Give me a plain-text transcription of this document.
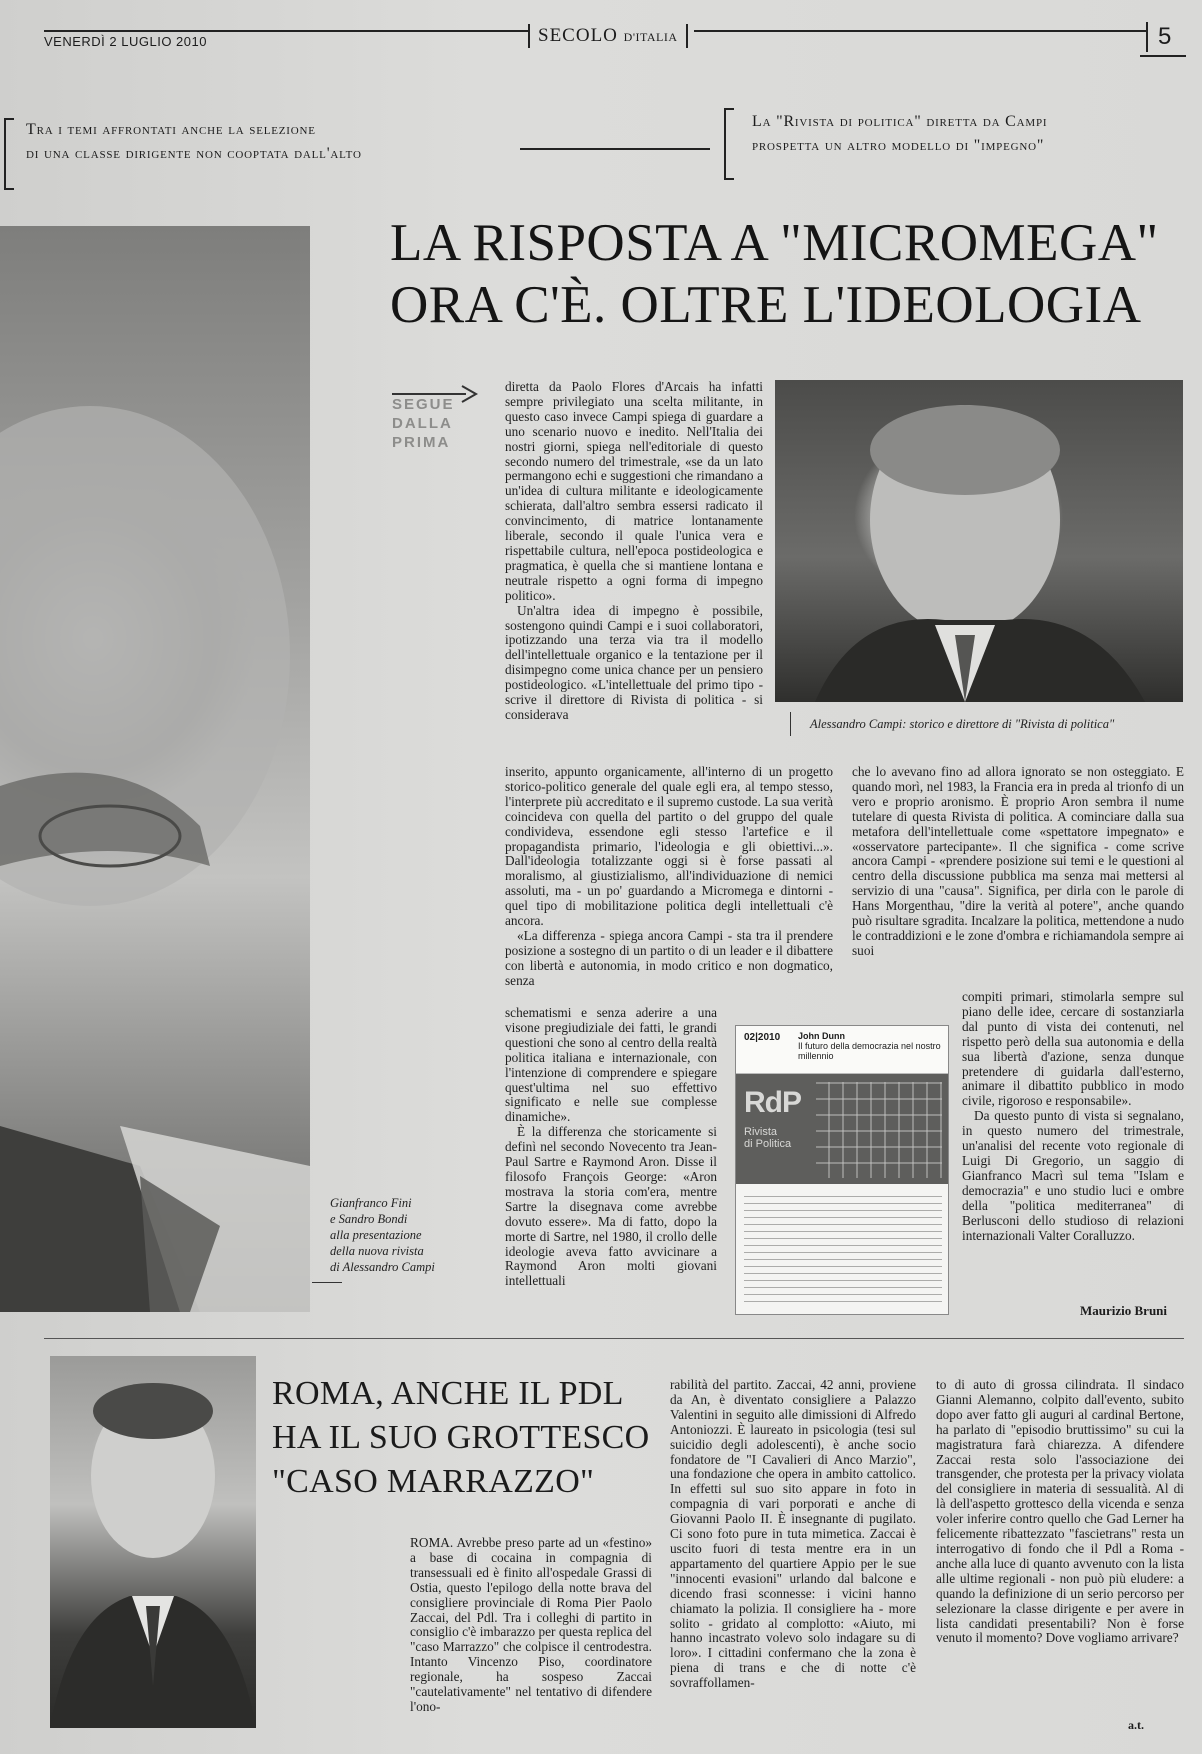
VENERDÌ 2 LUGLIO 2010	SECOLO D'ITALIA	5
Tra i temi affrontati anche la selezione
di una classe dirigente non cooptata dall'alto
La "Rivista di politica" diretta da Campi
prospetta un altro modello di "impegno"
LA RISPOSTA A "MICROMEGA"
ORA C'È. OLTRE L'IDEOLOGIA
Gianfranco Fini
e Sandro Bondi
alla presentazione
della nuova rivista
di Alessandro Campi
SEGUE
DALLA
PRIMA
Alessandro Campi: storico e direttore di "Rivista di politica"

diretta da Paolo Flores d'Arcais ha infatti sempre privilegiato una scelta militante, in questo caso invece Campi spiega di guardare a uno scenario nuovo e inedito. Nell'Italia dei nostri giorni, spiega nell'editoriale di questo secondo numero del trimestrale, «se da un lato permangono echi e suggestioni che rimandano a un'idea di cultura militante e ideologicamente schierata, dall'altro sembra essersi radicato il convincimento, di matrice lontanamente liberale, secondo il quale l'unica vera e rispettabile cultura, nell'epoca postideologica e pragmatica, è quella che si mantiene lontana e neutrale rispetto a ogni forma di impegno politico».

Un'altra idea di impegno è possibile, sostengono quindi Campi e i suoi collaboratori, ipotizzando una terza via tra il modello dell'intellettuale organico e la tentazione per il disimpegno come unica chance per un pensiero postideologico. «L'intellettuale del primo tipo - scrive il direttore di Rivista di politica - si considerava

inserito, appunto organicamente, all'interno di un progetto storico-politico generale del quale egli era, al tempo stesso, l'interprete più accreditato e il supremo custode. La sua verità coincideva con quella del partito o del gruppo del quale condivideva, essendone egli stesso l'artefice e il propagandista primario, l'ideologia e gli obiettivi...». Dall'ideologia totalizzante oggi si è forse passati al moralismo, al giustizialismo, all'individuazione di nemici assoluti, ma - un po' guardando a Micromega e dintorni - quel tipo di mobilitazione politica degli intellettuali c'è ancora.

«La differenza - spiega ancora Campi - sta tra il prendere posizione a sostegno di un partito o di un leader e il dibattere con libertà e autonomia, in modo critico e non dogmatico, senza

schematismi e senza aderire a una visone pregiudiziale dei fatti, le grandi questioni che sono al centro della realtà politica italiana e internazionale, con l'intenzione di comprendere e spiegare quest'ultima nel suo effettivo significato e nelle sue complesse dinamiche».

È la differenza che storicamente si definì nel secondo Novecento tra Jean-Paul Sartre e Raymond Aron. Disse il filosofo François George: «Aron mostrava la storia com'era, mentre Sartre la disegnava come avrebbe dovuto essere». Ma di fatto, dopo la morte di Sartre, nel 1980, il crollo delle ideologie aveva fatto avvicinare a Raymond Aron molti giovani intellettuali

che lo avevano fino ad allora ignorato se non osteggiato. E quando morì, nel 1983, la Francia era in preda al trionfo di un vero e proprio aronismo. È proprio Aron sembra il nume tutelare di questa Rivista di politica. A cominciare dalla sua metafora dell'intellettuale come «spettatore impegnato» e «osservatore partecipante». Il che significa - come scrive ancora Campi - «prendere posizione sui temi e le questioni al centro della discussione pubblica ma senza mai mettersi al servizio di una "causa". Significa, per dirla con le parole di Hans Morgenthau, "dire la verità al potere", anche quando può risultare sgradita. Incalzare la politica, mettendone a nudo le contraddizioni e le zone d'ombra e richiamandola sempre ai suoi

compiti primari, stimolarla sempre sul piano delle idee, cercare di sostanziarla dal punto di vista dei contenuti, nel rispetto però della sua autonomia e della sua libertà d'azione, senza dunque pretendere di guidarla dall'esterno, animare il dibattito pubblico in modo civile, rigoroso e responsabile».

Da questo punto di vista si segnalano, in questo numero del trimestrale, un'analisi del recente voto regionale di Luigi Di Gregorio, un saggio di Gianfranco Macrì sul tema "Islam e democrazia" e uno studio luci e ombre della "politica mediterranea" di Berlusconi dello studioso di relazioni internazionali Valter Coralluzzo.

Maurizio Bruni
02|2010 John Dunn
Il futuro della democrazia nel nostro millennio
RdP
Rivista
di Politica
ROMA, ANCHE IL PDL
HA IL SUO GROTTESCO
"CASO MARRAZZO"

ROMA. Avrebbe preso parte ad un «festino» a base di cocaina in compagnia di transessuali ed è finito all'ospedale Grassi di Ostia, questo l'epilogo della notte brava del consigliere provinciale di Roma Pier Paolo Zaccai, del Pdl. Tra i colleghi di partito in consiglio c'è imbarazzo per questa replica del "caso Marrazzo" che colpisce il centrodestra. Intanto Vincenzo Piso, coordinatore regionale, ha sospeso Zaccai "cautelativamente" nel tentativo di difendere l'ono-

rabilità del partito. Zaccai, 42 anni, proviene da An, è diventato consigliere a Palazzo Valentini in seguito alle dimissioni di Alfredo Antoniozzi. È laureato in psicologia (tesi sul suicidio degli adolescenti), è anche socio fondatore de "I Cavalieri di Anco Marzio", una fondazione che opera in ambito cattolico. In effetti sul suo sito appare in foto in compagnia di vari porporati e anche di Giovanni Paolo II. È insegnante di pugilato. Ci sono foto pure in tuta mimetica. Zaccai è uscito fuori di testa mentre era in un appartamento del quartiere Appio per le sue "innocenti evasioni" urlando dal balcone e dicendo frasi sconnesse: i vicini hanno chiamato la polizia. Il consigliere ha - more solito - gridato al complotto: «Aiuto, mi hanno incastrato volevo solo indagare su di loro». I cittadini confermano che la zona è piena di trans e che di notte c'è sovraffollamen-

to di auto di grossa cilindrata. Il sindaco Gianni Alemanno, colpito dall'evento, subito dopo aver fatto gli auguri al cardinal Bertone, ha parlato di "episodio bruttissimo" su cui la magistratura farà chiarezza. A difendere Zaccai resta solo l'associazione dei transgender, che protesta per la privacy violata del consigliere in materia di sessualità. Al di là dell'aspetto grottesco della vicenda e senza voler inferire contro quello che Gad Lerner ha felicemente ribattezzato "fascietrans" resta un interrogativo di fondo che il Pdl a Roma - anche alla luce di quanto avvenuto con la lista alle ultime regionali - non può più eludere: a quando la definizione di un serio percorso per selezionare la classe dirigente e per avere in lista candidati presentabili? Non è forse venuto il momento? Dove vogliamo arrivare?

a.t.
